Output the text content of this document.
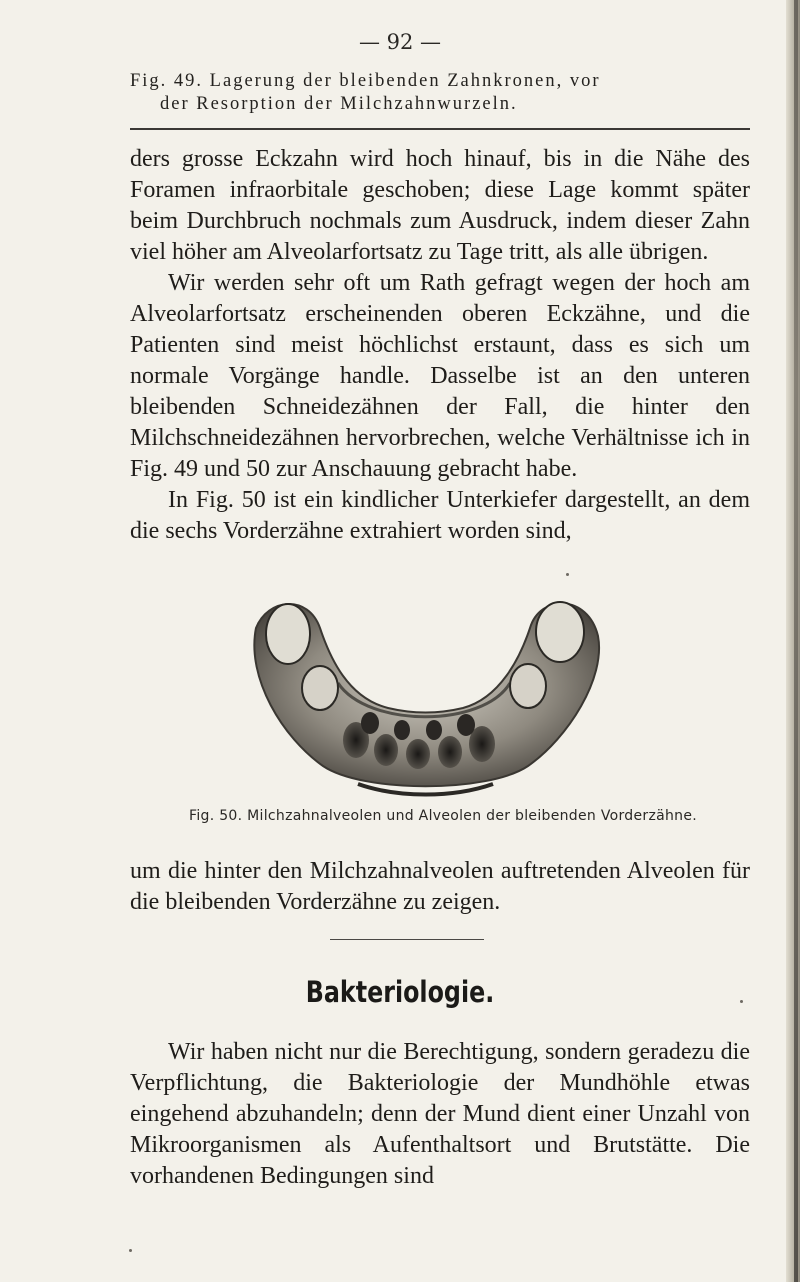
— 92 —
Fig. 49. Lagerung der bleibenden Zahnkronen, vor
der Resorption der Milchzahnwurzeln.

ders grosse Eckzahn wird hoch hinauf, bis in die Nähe des Foramen infraorbitale geschoben; diese Lage kommt später beim Durchbruch nochmals zum Ausdruck, indem dieser Zahn viel höher am Alveolarfortsatz zu Tage tritt, als alle übrigen.

Wir werden sehr oft um Rath gefragt wegen der hoch am Alveolarfortsatz erscheinenden oberen Eckzähne, und die Patienten sind meist höchlichst erstaunt, dass es sich um normale Vorgänge handle. Dasselbe ist an den unteren bleibenden Schneidezähnen der Fall, die hinter den Milchschneidezähnen hervorbrechen, welche Verhältnisse ich in Fig. 49 und 50 zur Anschauung gebracht habe.

In Fig. 50 ist ein kindlicher Unterkiefer dargestellt, an dem die sechs Vorderzähne extrahiert worden sind,

Fig. 50. Milchzahnalveolen und Alveolen der bleibenden Vorderzähne.

um die hinter den Milchzahnalveolen auftretenden Alveolen für die bleibenden Vorderzähne zu zeigen.

Bakteriologie.

Wir haben nicht nur die Berechtigung, sondern geradezu die Verpflichtung, die Bakteriologie der Mundhöhle etwas eingehend abzuhandeln; denn der Mund dient einer Unzahl von Mikroorganismen als Aufenthaltsort und Brutstätte. Die vorhandenen Bedingungen sind
